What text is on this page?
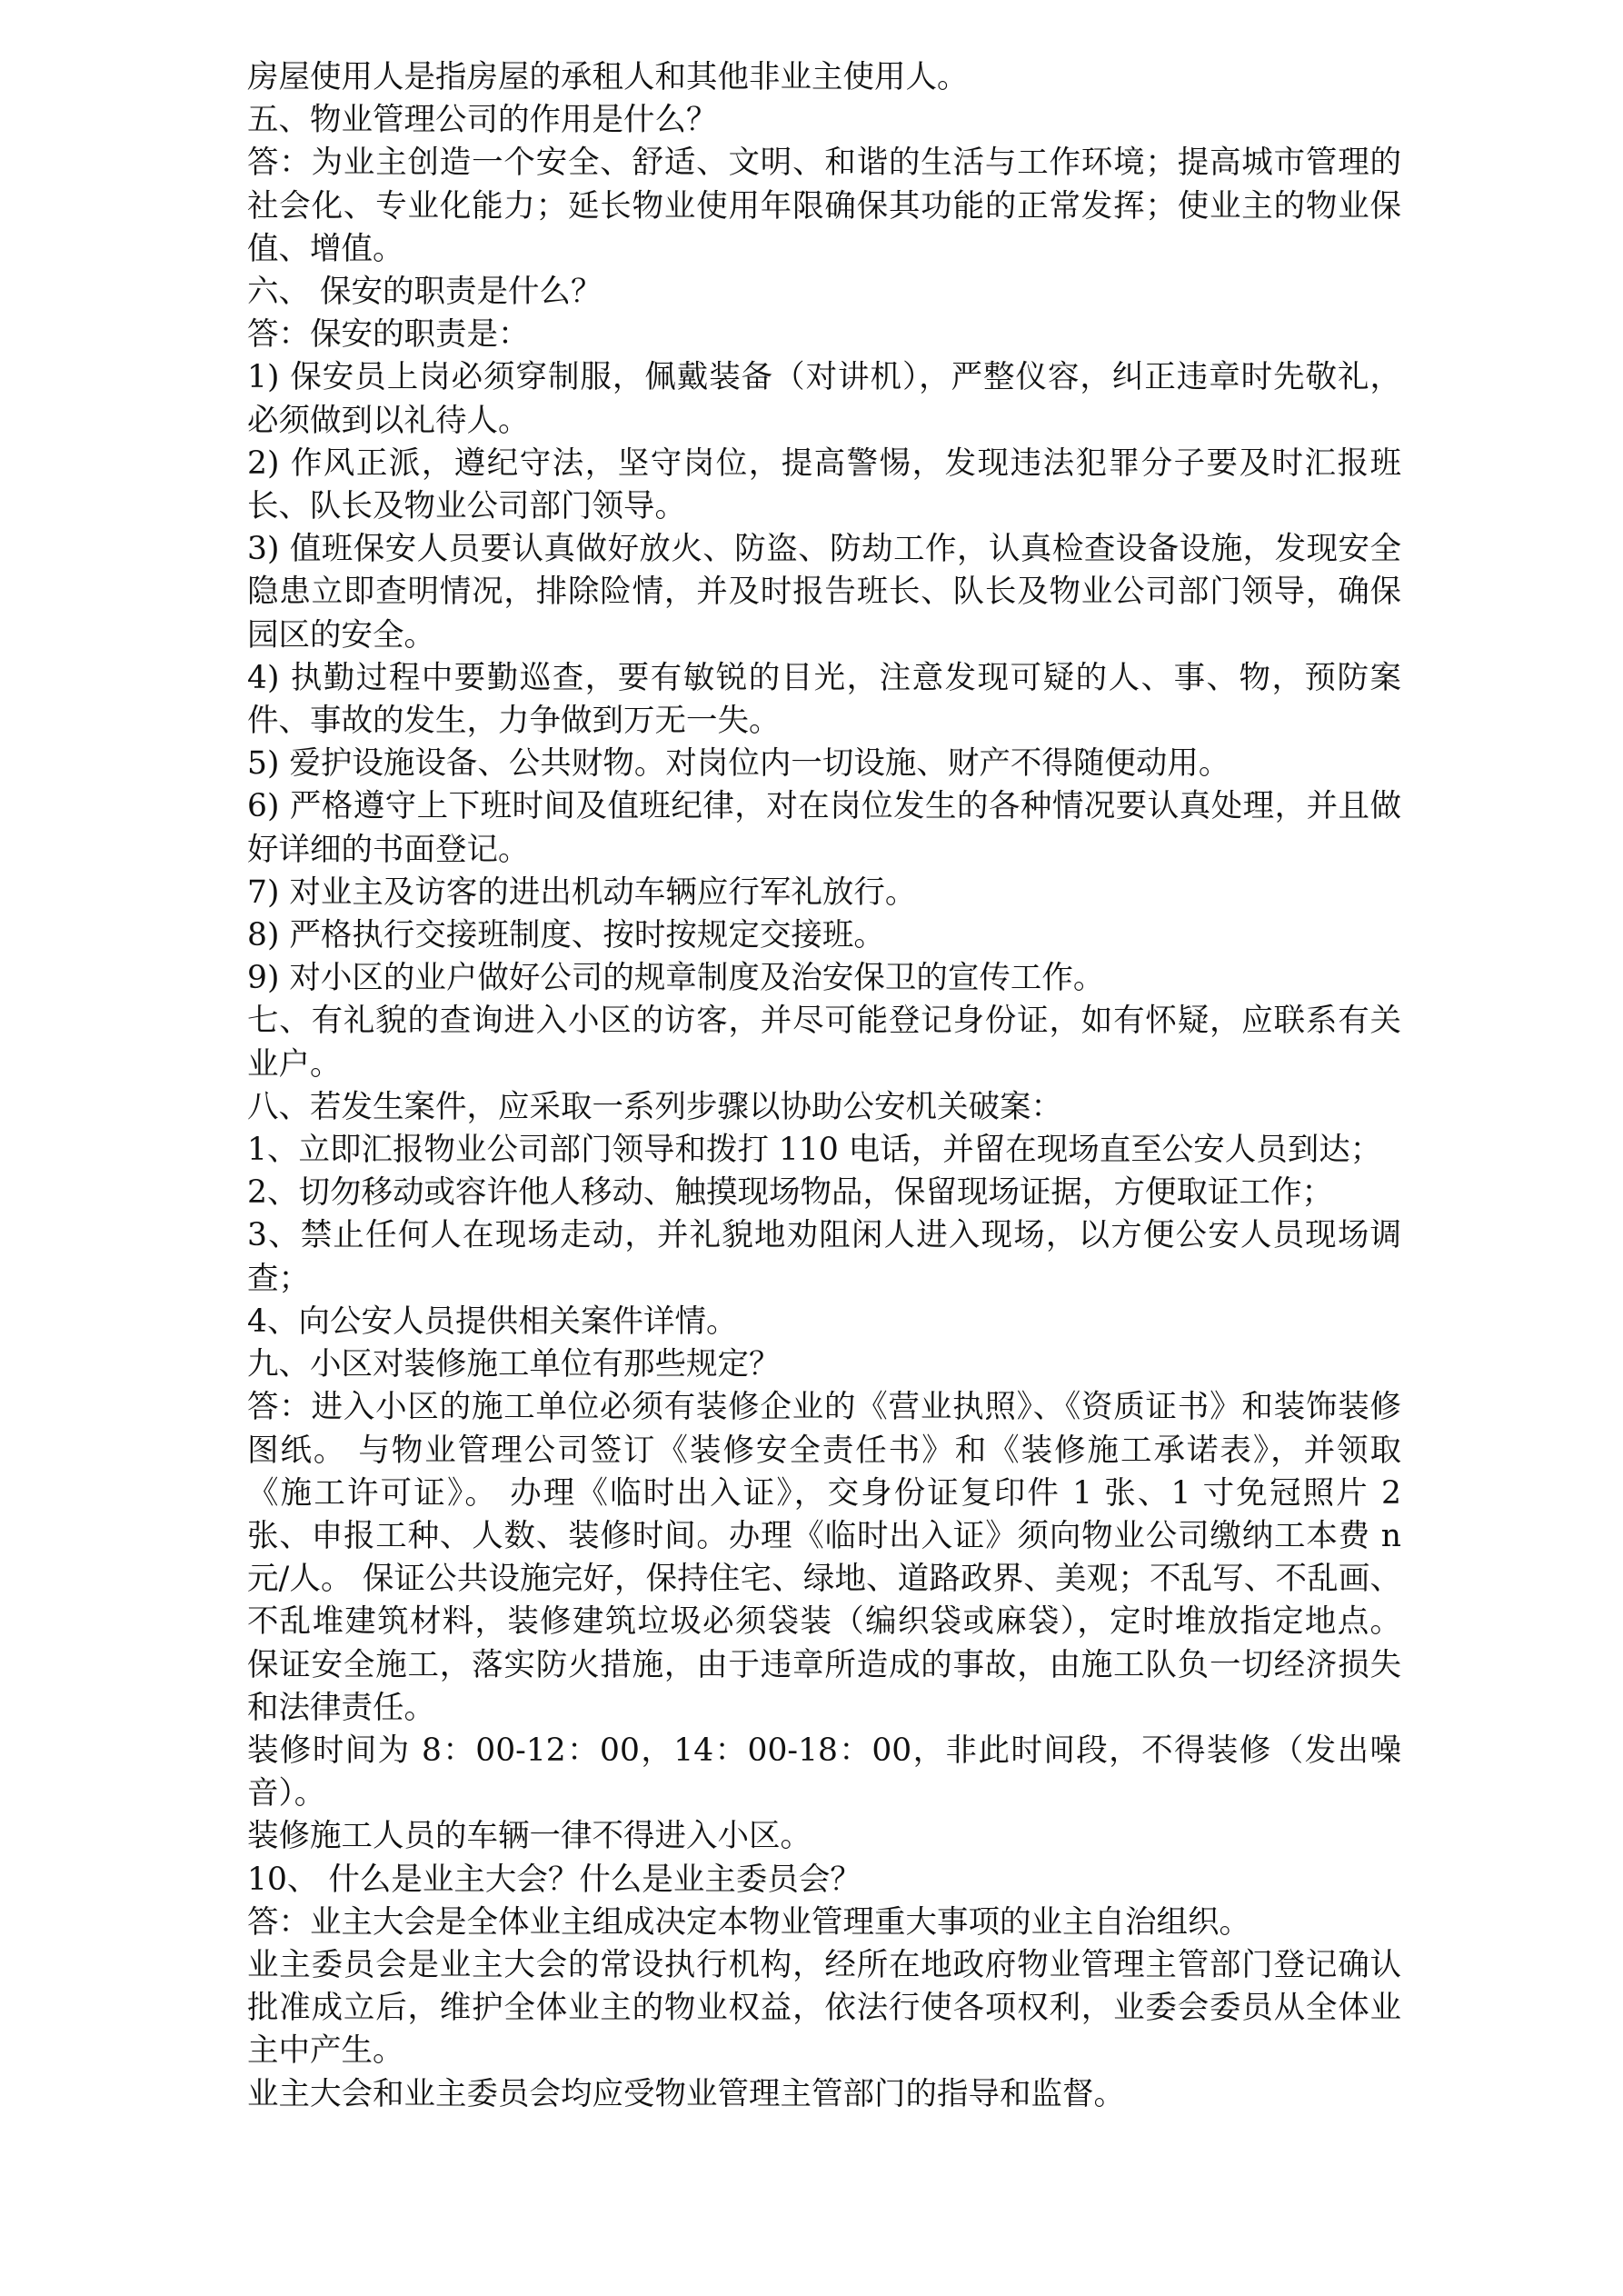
房屋使用人是指房屋的承租人和其他非业主使用人。

五、物业管理公司的作用是什么？

答：为业主创造一个安全、舒适、文明、和谐的生活与工作环境；提高城市管理的社会化、专业化能力；延长物业使用年限确保其功能的正常发挥；使业主的物业保值、增值。

六、 保安的职责是什么？

答：保安的职责是：

1) 保安员上岗必须穿制服，佩戴装备（对讲机），严整仪容，纠正违章时先敬礼，必须做到以礼待人。

2) 作风正派，遵纪守法，坚守岗位，提高警惕，发现违法犯罪分子要及时汇报班长、队长及物业公司部门领导。

3) 值班保安人员要认真做好放火、防盗、防劫工作，认真检查设备设施，发现安全隐患立即查明情况，排除险情，并及时报告班长、队长及物业公司部门领导，确保园区的安全。

4) 执勤过程中要勤巡查，要有敏锐的目光，注意发现可疑的人、事、物，预防案件、事故的发生，力争做到万无一失。

5) 爱护设施设备、公共财物。对岗位内一切设施、财产不得随便动用。

6) 严格遵守上下班时间及值班纪律，对在岗位发生的各种情况要认真处理，并且做好详细的书面登记。

7) 对业主及访客的进出机动车辆应行军礼放行。

8) 严格执行交接班制度、按时按规定交接班。

9) 对小区的业户做好公司的规章制度及治安保卫的宣传工作。

七、有礼貌的查询进入小区的访客，并尽可能登记身份证，如有怀疑，应联系有关业户。

八、若发生案件，应采取一系列步骤以协助公安机关破案：

1、立即汇报物业公司部门领导和拨打 110 电话，并留在现场直至公安人员到达；

2、切勿移动或容许他人移动、触摸现场物品，保留现场证据，方便取证工作；

3、禁止任何人在现场走动，并礼貌地劝阻闲人进入现场，以方便公安人员现场调查；

4、向公安人员提供相关案件详情。

九、小区对装修施工单位有那些规定？

答：进入小区的施工单位必须有装修企业的《营业执照》、《资质证书》和装饰装修图纸。 与物业管理公司签订《装修安全责任书》和《装修施工承诺表》，并领取《施工许可证》。 办理《临时出入证》，交身份证复印件 1 张、1 寸免冠照片 2 张、申报工种、人数、装修时间。办理《临时出入证》须向物业公司缴纳工本费 n 元/人。 保证公共设施完好，保持住宅、绿地、道路政界、美观；不乱写、不乱画、不乱堆建筑材料，装修建筑垃圾必须袋装（编织袋或麻袋），定时堆放指定地点。 保证安全施工，落实防火措施，由于违章所造成的事故，由施工队负一切经济损失和法律责任。

装修时间为 8：00-12：00，14：00-18：00，非此时间段，不得装修（发出噪音）。

装修施工人员的车辆一律不得进入小区。

10、 什么是业主大会？什么是业主委员会？

答：业主大会是全体业主组成决定本物业管理重大事项的业主自治组织。

业主委员会是业主大会的常设执行机构，经所在地政府物业管理主管部门登记确认批准成立后，维护全体业主的物业权益，依法行使各项权利，业委会委员从全体业主中产生。

业主大会和业主委员会均应受物业管理主管部门的指导和监督。
